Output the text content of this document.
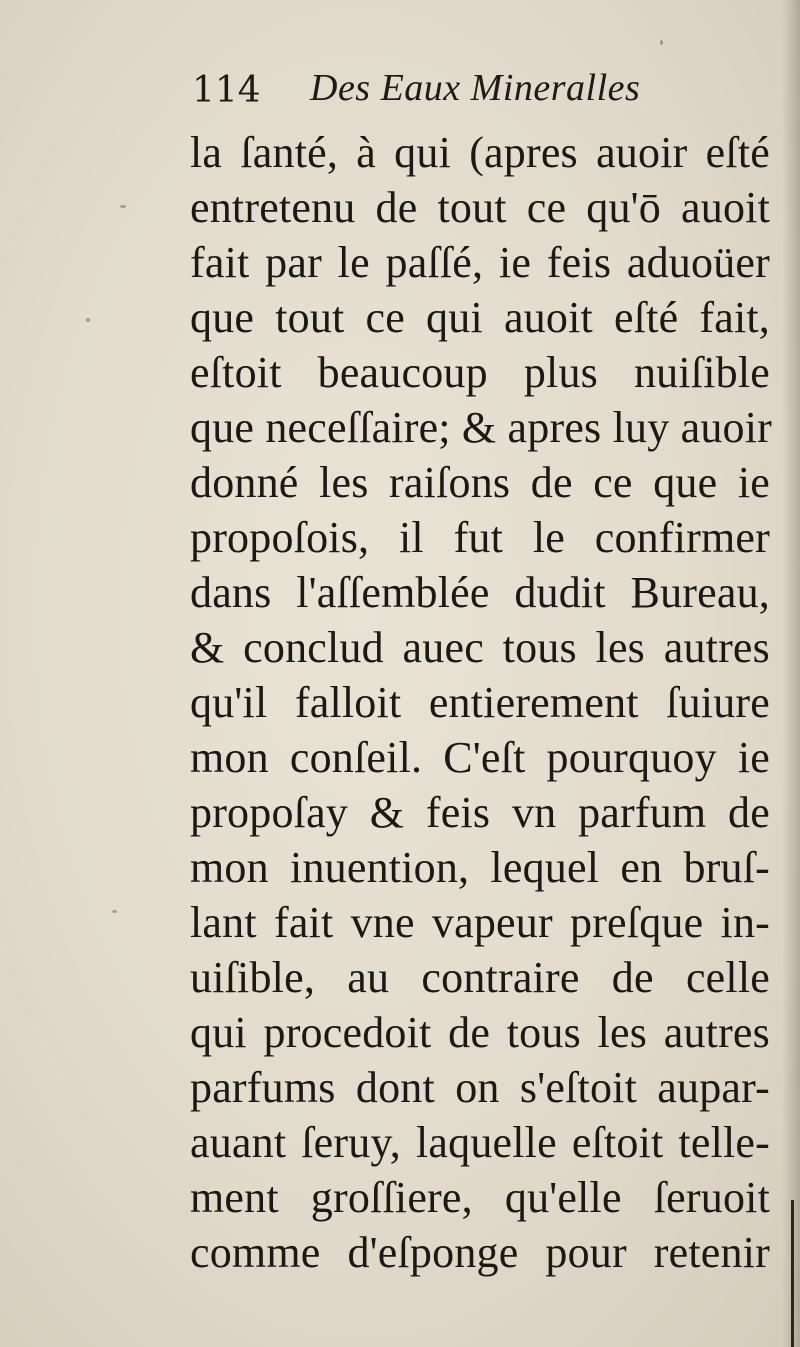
114 Des Eaux Mineralles
la ſanté, à qui (apres auoir eſté
entretenu de tout ce qu'ō auoit
fait par le paſſé, ie feis aduoüer
que tout ce qui auoit eſté fait,
eſtoit beaucoup plus nuiſible
que neceſſaire; & apres luy auoir
donné les raiſons de ce que ie
propoſois, il fut le confirmer
dans l'aſſemblée dudit Bureau,
& conclud auec tous les autres
qu'il falloit entierement ſuiure
mon conſeil. C'eſt pourquoy ie
propoſay & feis vn parfum de
mon inuention, lequel en bruſ-
lant fait vne vapeur preſque in-
uiſible, au contraire de celle
qui procedoit de tous les autres
parfums dont on s'eſtoit aupar-
auant ſeruy, laquelle eſtoit telle-
ment groſſiere, qu'elle ſeruoit
comme d'eſponge pour retenir
